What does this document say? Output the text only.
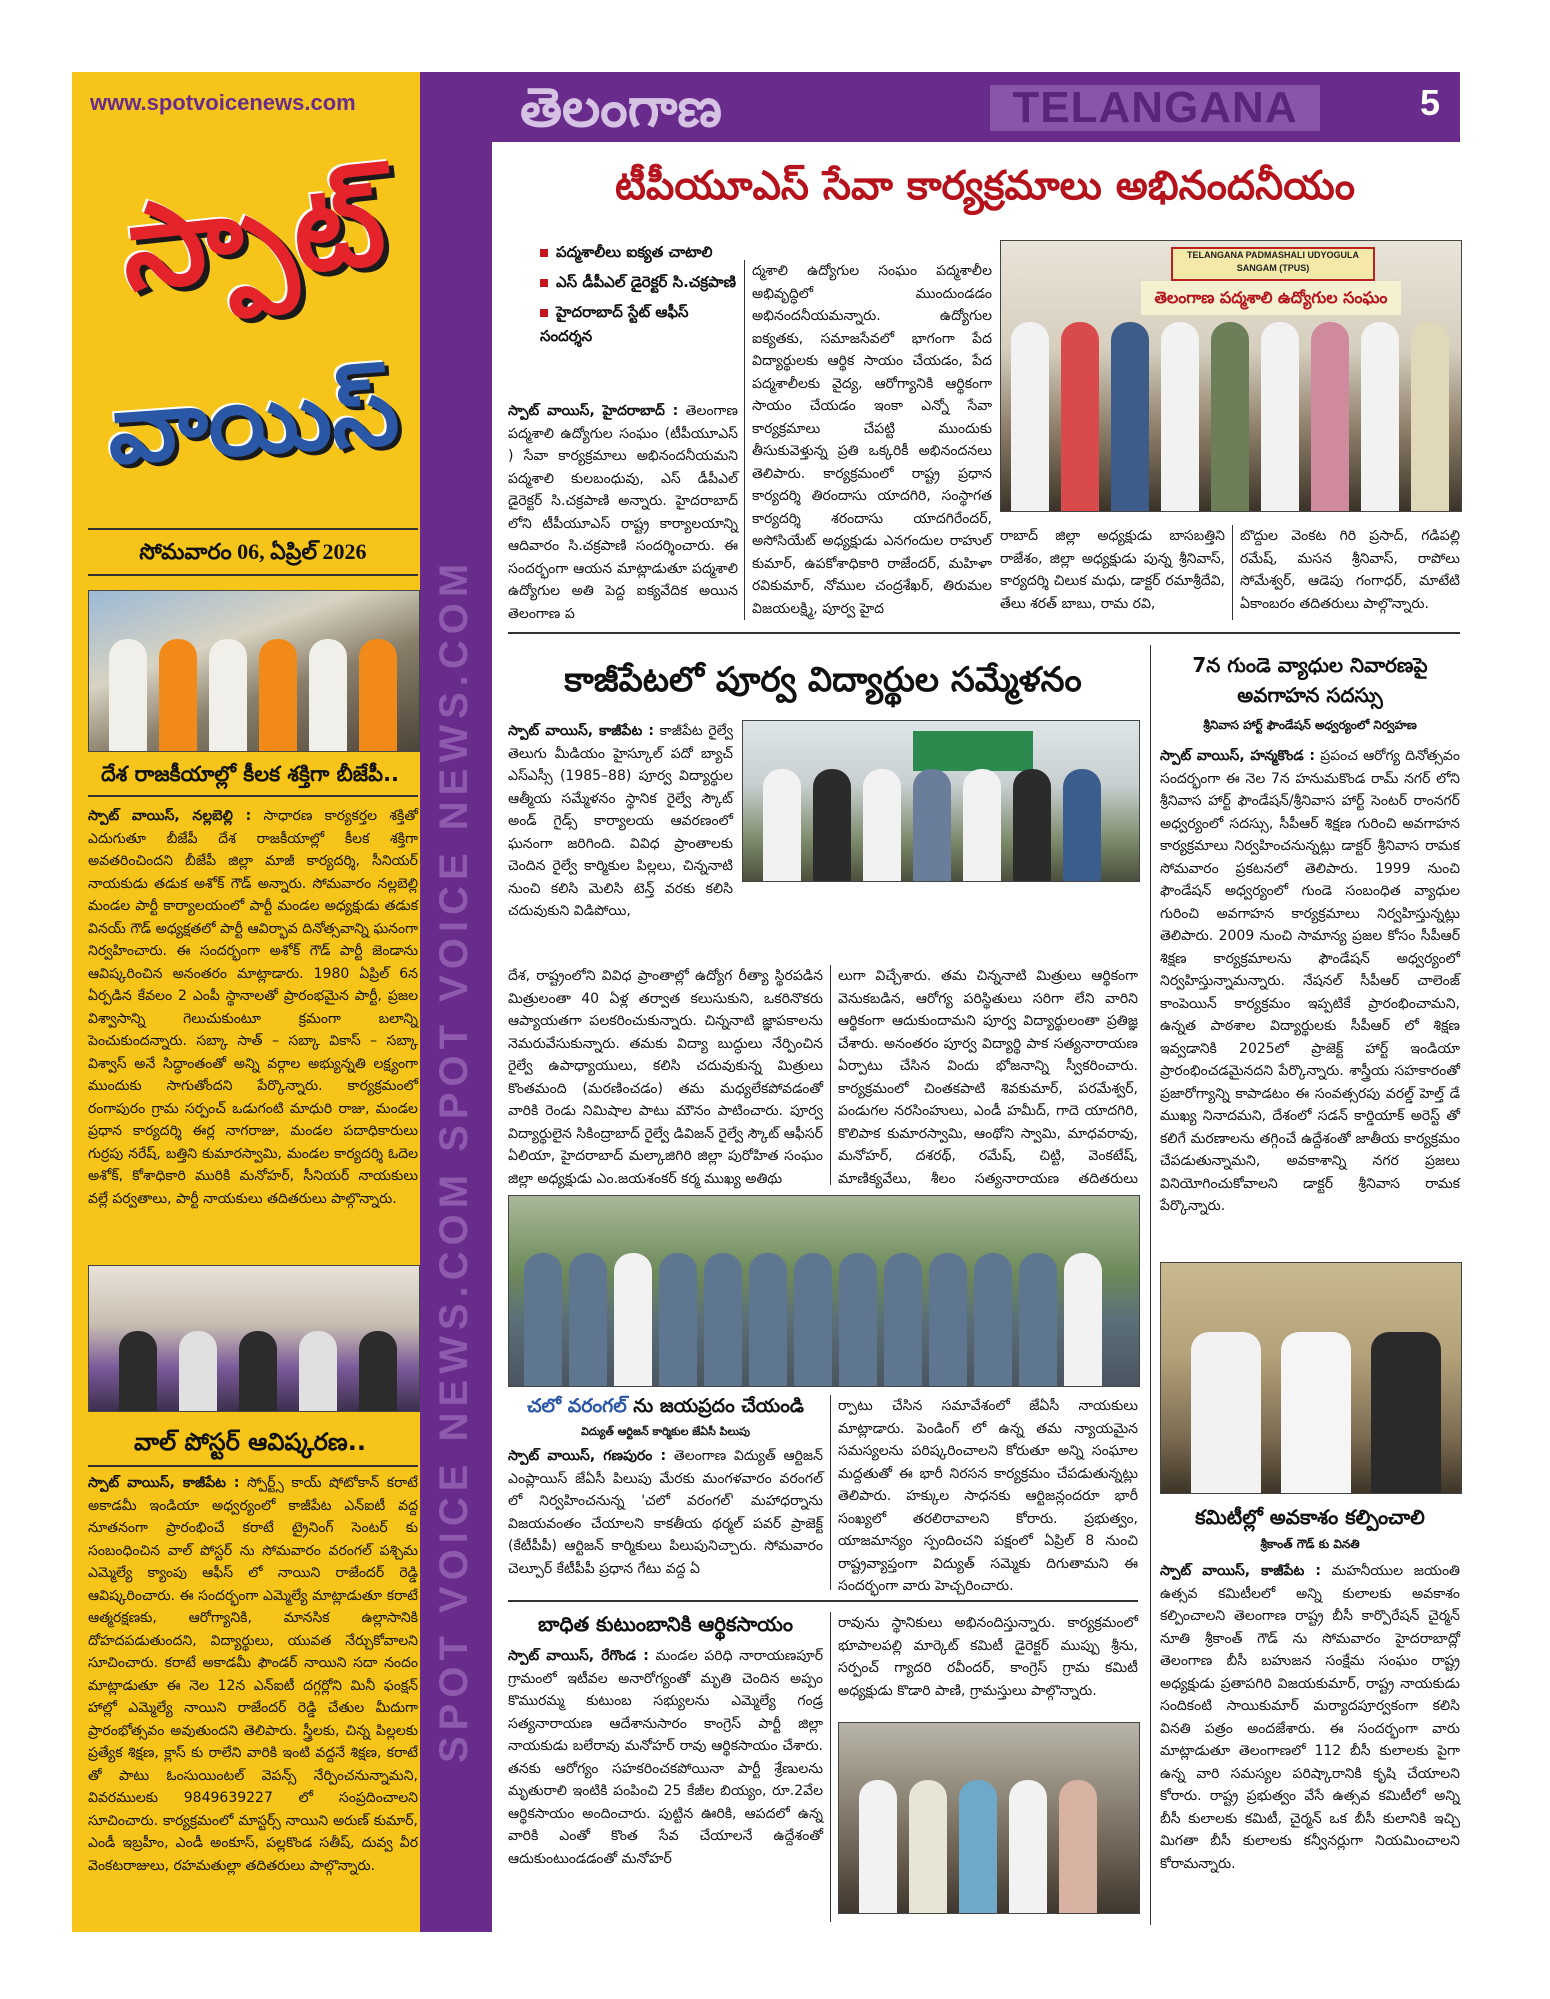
SPOT VOICE NEWS.COM SPOT VOICE NEWS.COM
www.spotvoicenews.com
స్పాట్
వాయిస్
సోమవారం 06, ఏప్రిల్ 2026
తెలంగాణ	TELANGANA	5
దేశ రాజకీయాల్లో కీలక శక్తిగా బీజేపీ..
స్పాట్ వాయిస్, నల్లబెల్లి : సాధారణ కార్యకర్తల శక్తితో ఎదుగుతూ బీజేపీ దేశ రాజకీయాల్లో కీలక శక్తిగా అవతరించిందని బీజేపీ జిల్లా మాజీ కార్యదర్శి, సీనియర్ నాయకుడు తడుక అశోక్ గౌడ్ అన్నారు. సోమవారం నల్లబెల్లి మండల పార్టీ కార్యాలయంలో పార్టీ మండల అధ్యక్షుడు తడుక వినయ్ గౌడ్ అధ్యక్షతలో పార్టీ ఆవిర్భావ దినోత్సవాన్ని ఘనంగా నిర్వహించారు. ఈ సందర్భంగా అశోక్ గౌడ్ పార్టీ జెండాను ఆవిష్కరించిన అనంతరం మాట్లాడారు. 1980 ఏప్రిల్ 6న ఏర్పడిన కేవలం 2 ఎంపీ స్థానాలతో ప్రారంభమైన పార్టీ, ప్రజల విశ్వాసాన్ని గెలుచుకుంటూ క్రమంగా బలాన్ని పెంచుకుందన్నారు. సబ్కా సాత్ – సబ్కా వికాస్ – సబ్కా విశ్వాస్ అనే సిద్ధాంతంతో అన్ని వర్గాల అభ్యున్నతి లక్ష్యంగా ముందుకు సాగుతోందని పేర్కొన్నారు. కార్యక్రమంలో రంగాపురం గ్రామ సర్పంచ్ ఒడుగంటి మాధురి రాజు, మండల ప్రధాన కార్యదర్శి ఈర్ల నాగరాజు, మండల పదాధికారులు గుర్రపు నరేష్, బత్తిని కుమారస్వామి, మండల కార్యదర్శి ఓదెల అశోక్, కోశాధికారి మురికి మనోహర్, సీనియర్ నాయకులు వల్లే పర్వతాలు, పార్టీ నాయకులు తదితరులు పాల్గొన్నారు.
వాల్ పోస్టర్ ఆవిష్కరణ..
స్పాట్ వాయిస్, కాజీపేట : స్పోర్ట్స్ కాయ్ షోటోకాన్ కరాటే అకాడమీ ఇండియా అధ్వర్యంలో కాజీపేట ఎన్ఐటీ వద్ద నూతనంగా ప్రారంభించే కరాటే ట్రైనింగ్ సెంటర్ కు సంబంధించిన వాల్ పోస్టర్ ను సోమవారం వరంగల్ పశ్చిమ ఎమ్మెల్యే క్యాంపు ఆఫీస్ లో నాయిని రాజేందర్ రెడ్డి ఆవిష్కరించారు. ఈ సందర్భంగా ఎమ్మెల్యే మాట్లాడుతూ కరాటే ఆత్మరక్షణకు, ఆరోగ్యానికి, మానసిక ఉల్లాసానికి దోహదపడుతుందని, విద్యార్థులు, యువత నేర్చుకోవాలని సూచించారు. కరాటే అకాడమీ ఫౌండర్ నాయిని సదా నందం మాట్లాడుతూ ఈ నెల 12న ఎన్ఐటీ దగ్గర్లోని మినీ ఫంక్షన్ హాల్లో ఎమ్మెల్యే నాయిని రాజేందర్ రెడ్డి చేతుల మీదుగా ప్రారంభోత్సవం అవుతుందని తెలిపారు. స్త్రీలకు, చిన్న పిల్లలకు ప్రత్యేక శిక్షణ, క్లాస్ కు రాలేని వారికి ఇంటి వద్దనే శిక్షణ, కరాటే తో పాటు ఓంసుయింటల్ వెపన్స్ నేర్పించనున్నామని, వివరములకు 9849639227 లో సంప్రదించాలని సూచించారు. కార్యక్రమంలో మాస్టర్స్ నాయిని అరుణ్ కుమార్, ఎండీ ఇబ్రహీం, ఎండీ అంకూస్, పల్లకొండ సతీష్, దువ్వ వీర వెంకటరాజులు, రహమతుల్లా తదితరులు పాల్గొన్నారు.
టీపీయూఎస్ సేవా కార్యక్రమాలు అభినందనీయం
పద్మశాలీలు ఐక్యత చాటాలి
ఎస్ డీపీఎల్ డైరెక్టర్ సి.చక్రపాణి
హైదరాబాద్ స్టేట్ ఆఫీస్ సందర్శన
స్పాట్ వాయిస్, హైదరాబాద్ : తెలంగాణ పద్మశాలి ఉద్యోగుల సంఘం (టీపీయూఎస్ ) సేవా కార్యక్రమాలు అభినందనీయమని పద్మశాలి కులబంధువు, ఎస్ డీపీఎల్ డైరెక్టర్ సి.చక్రపాణి అన్నారు. హైదరాబాద్ లోని టీపీయూఎస్ రాష్ట్ర కార్యాలయాన్ని ఆదివారం సి.చక్రపాణి సందర్శించారు. ఈ సందర్భంగా ఆయన మాట్లాడుతూ పద్మశాలి ఉద్యోగుల అతి పెద్ద ఐక్యవేదిక అయిన తెలంగాణ ప
ద్మశాలి ఉద్యోగుల సంఘం పద్మశాలీల అభివృద్ధిలో ముందుండడం అభినందనీయమన్నారు. ఉద్యోగుల ఐక్యతకు, సమాజసేవలో భాగంగా పేద విద్యార్థులకు ఆర్థిక సాయం చేయడం, పేద పద్మశాలీలకు వైద్య, ఆరోగ్యానికి ఆర్థికంగా సాయం చేయడం ఇంకా ఎన్నో సేవా కార్యక్రమాలు చేపట్టి ముందుకు తీసుకువెళ్తున్న ప్రతి ఒక్కరికీ అభినందనలు తెలిపారు. కార్యక్రమంలో రాష్ట్ర ప్రధాన కార్యదర్శి తిరందాసు యాదగిరి, సంస్థాగత కార్యదర్శి శరందాసు యాదగిరేందర్, అసోసియేట్ అధ్యక్షుడు ఎనగందుల రాహుల్ కుమార్, ఉపకోశాధికారి రాజేందర్, మహిళా రవికుమార్, నోముల చంద్రశేఖర్, తిరుమల విజయలక్ష్మి, పూర్వ హైద
TELANGANA PADMASHALI UDYOGULA SANGAM (TPUS)
తెలంగాణ పద్మశాలి ఉద్యోగుల సంఘం
రాబాద్ జిల్లా అధ్యక్షుడు బాసబత్తిని రాజేశం, జిల్లా అధ్యక్షుడు పున్న శ్రీనివాస్, కార్యదర్శి చిలుక మధు, డాక్టర్ రమాశ్రీదేవి, తేలు శరత్ బాబు, రామ రవి,
బొద్దుల వెంకట గిరి ప్రసాద్, గడిపల్లి రమేష్, మసన శ్రీనివాస్, రాపోలు సోమేశ్వర్, ఆడెపు గంగాధర్, మాటేటి ఏకాంబరం తదితరులు పాల్గొన్నారు.
కాజీపేటలో పూర్వ విద్యార్థుల సమ్మేళనం
స్పాట్ వాయిస్, కాజీపేట : కాజీపేట రైల్వే తెలుగు మీడియం హైస్కూల్ పదో బ్యాచ్ ఎస్ఎస్సీ (1985–88) పూర్వ విద్యార్థుల ఆత్మీయ సమ్మేళనం స్థానిక రైల్వే స్కౌట్ అండ్ గైడ్స్ కార్యాలయ ఆవరణంలో ఘనంగా జరిగింది. వివిధ ప్రాంతాలకు చెందిన రైల్వే కార్మికుల పిల్లలు, చిన్ననాటి నుంచి కలిసి మెలిసి టెన్త్ వరకు కలిసి చదువుకుని విడిపోయి,
దేశ, రాష్ట్రంలోని వివిధ ప్రాంతాల్లో ఉద్యోగ రీత్యా స్థిరపడిన మిత్రులంతా 40 ఏళ్ల తర్వాత కలుసుకుని, ఒకరినొకరు ఆప్యాయతగా పలకరించుకున్నారు. చిన్ననాటి జ్ఞాపకాలను నెమరువేసుకున్నారు. తమకు విద్యా బుద్ధులు నేర్పించిన రైల్వే ఉపాధ్యాయులు, కలిసి చదువుకున్న మిత్రులు కొంతమంది (మరణించడం) తమ మధ్యలేకపోవడంతో వారికి రెండు నిమిషాల పాటు మౌనం పాటించారు. పూర్వ విద్యార్థులైన సికింద్రాబాద్ రైల్వే డివిజన్ రైల్వే స్కౌట్ ఆఫీసర్ ఏలియా, హైదరాబాద్ మల్కాజిగిరి జిల్లా పురోహిత సంఘం జిల్లా అధ్యక్షుడు ఎం.జయశంకర్ కర్మ ముఖ్య అతిథు
లుగా విచ్చేశారు. తమ చిన్ననాటి మిత్రులు ఆర్థికంగా వెనుకబడిన, ఆరోగ్య పరిస్థితులు సరిగా లేని వారిని ఆర్థికంగా ఆదుకుందామని పూర్వ విద్యార్థులంతా ప్రతిజ్ఞ చేశారు. అనంతరం పూర్వ విద్యార్థి పాక సత్యనారాయణ ఏర్పాటు చేసిన విందు భోజనాన్ని స్వీకరించారు. కార్యక్రమంలో చింతకపాటి శివకుమార్, పరమేశ్వర్, పండుగల నరసింహులు, ఎండీ హమీద్, గాదె యాదగిరి, కొలిపాక కుమారస్వామి, ఆంథోని స్వామి, మాధవరావు, మనోహర్, దశరథ్, రమేష్, చిట్టి, వెంకటేష్, మాణిక్యవేలు, శీలం సత్యనారాయణ తదితరులు
7న గుండె వ్యాధుల నివారణపై అవగాహన సదస్సు
శ్రీనివాస హార్ట్ ఫౌండేషన్ అధ్వర్యంలో నిర్వహణ
స్పాట్ వాయిస్, హన్మకొండ : ప్రపంచ ఆరోగ్య దినోత్సవం సందర్భంగా ఈ నెల 7న హనుమకొండ రామ్ నగర్ లోని శ్రీనివాస హార్ట్ ఫౌండేషన్/శ్రీనివాస హార్ట్ సెంటర్ రాంనగర్ అధ్వర్యంలో సదస్సు, సీపీఆర్ శిక్షణ గురించి అవగాహన కార్యక్రమాలు నిర్వహించనున్నట్లు డాక్టర్ శ్రీనివాస రామక సోమవారం ప్రకటనలో తెలిపారు. 1999 నుంచి ఫౌండేషన్ అధ్వర్యంలో గుండె సంబంధిత వ్యాధుల గురించి అవగాహన కార్యక్రమాలు నిర్వహిస్తున్నట్లు తెలిపారు. 2009 నుంచి సామాన్య ప్రజల కోసం సీపీఆర్ శిక్షణ కార్యక్రమాలను ఫౌండేషన్ అధ్వర్యంలో నిర్వహిస్తున్నామన్నారు. నేషనల్ సీపీఆర్ చాలెంజ్ కాంపెయిన్ కార్యక్రమం ఇప్పటికే ప్రారంభించామని, ఉన్నత పాఠశాల విద్యార్థులకు సీపీఆర్ లో శిక్షణ ఇవ్వడానికి 2025లో ప్రాజెక్ట్ హార్ట్ ఇండియా ప్రారంభించడమైనదని పేర్కొన్నారు. శాస్త్రీయ సహకారంతో ప్రజారోగ్యాన్ని కాపాడటం ఈ సంవత్సరపు వరల్డ్ హెల్త్ డే ముఖ్య నినాదమని, దేశంలో సడన్ కార్డియాక్ అరెస్ట్ తో కలిగే మరణాలను తగ్గించే ఉద్దేశంతో జాతీయ కార్యక్రమం చేపడుతున్నామని, అవకాశాన్ని నగర ప్రజలు వినియోగించుకోవాలని డాక్టర్ శ్రీనివాస రామక పేర్కొన్నారు.
చలో వరంగల్ ను జయప్రదం చేయండి
విద్యుత్ ఆర్టిజన్ కార్మికుల జేఏసీ పిలుపు
స్పాట్ వాయిస్, గణపురం : తెలంగాణ విద్యుత్ ఆర్టిజన్ ఎంప్లాయిస్ జేఏసీ పిలుపు మేరకు మంగళవారం వరంగల్ లో నిర్వహించనున్న 'చలో వరంగల్' మహాధర్నాను విజయవంతం చేయాలని కాకతీయ థర్మల్ పవర్ ప్రాజెక్ట్ (కేటీపీపీ) ఆర్టిజన్ కార్మికులు పిలుపునిచ్చారు. సోమవారం చెల్పూర్ కేటీపీపీ ప్రధాన గేటు వద్ద ఏ
ర్పాటు చేసిన సమావేశంలో జేఏసీ నాయకులు మాట్లాడారు. పెండింగ్ లో ఉన్న తమ న్యాయమైన సమస్యలను పరిష్కరించాలని కోరుతూ అన్ని సంఘాల మద్దతుతో ఈ భారీ నిరసన కార్యక్రమం చేపడుతున్నట్లు తెలిపారు. హక్కుల సాధనకు ఆర్టిజన్లందరూ భారీ సంఖ్యలో తరలిరావాలని కోరారు. ప్రభుత్వం, యాజమాన్యం స్పందించని పక్షంలో ఏప్రిల్ 8 నుంచి రాష్ట్రవ్యాప్తంగా విద్యుత్ సమ్మెకు దిగుతామని ఈ సందర్భంగా వారు హెచ్చరించారు.
బాధిత కుటుంబానికి ఆర్థికసాయం
స్పాట్ వాయిస్, రేగొండ : మండల పరిధి నారాయణపూర్ గ్రామంలో ఇటీవల అనారోగ్యంతో మృతి చెందిన అప్పం కొమురమ్మ కుటుంబ సభ్యులను ఎమ్మెల్యే గండ్ర సత్యనారాయణ ఆదేశానుసారం కాంగ్రెస్ పార్టీ జిల్లా నాయకుడు బలేరావు మనోహర్ రావు ఆర్థికసాయం చేశారు. తనకు ఆరోగ్యం సహకరించకపోయినా పార్టీ శ్రేణులను మృతురాలి ఇంటికి పంపించి 25 కేజీల బియ్యం, రూ.2వేల ఆర్థికసాయం అందించారు. పుట్టిన ఊరికి, ఆపదలో ఉన్న వారికి ఎంతో కొంత సేవ చేయాలనే ఉద్దేశంతో ఆదుకుంటుండడంతో మనోహర్
రావును స్థానికులు అభినందిస్తున్నారు. కార్యక్రమంలో భూపాలపల్లి మార్కెట్ కమిటీ డైరెక్టర్ ముప్పు శ్రీను, సర్పంచ్ గ్యాదరి రవీందర్, కాంగ్రెస్ గ్రామ కమిటీ అధ్యక్షుడు కొడారి పాణి, గ్రామస్తులు పాల్గొన్నారు.
కమిటీల్లో అవకాశం కల్పించాలి
శ్రీకాంత్ గౌడ్ కు వినతి
స్పాట్ వాయిస్, కాజీపేట : మహనీయుల జయంతి ఉత్సవ కమిటీలలో అన్ని కులాలకు అవకాశం కల్పించాలని తెలంగాణ రాష్ట్ర బీసీ కార్పొరేషన్ చైర్మన్ నూతి శ్రీకాంత్ గౌడ్ ను సోమవారం హైదరాబాద్లో తెలంగాణ బీసీ బహుజన సంక్షేమ సంఘం రాష్ట్ర అధ్యక్షుడు ప్రతాపగిరి విజయకుమార్, రాష్ట్ర నాయకుడు సందికంటి సాయికుమార్ మర్యాదపూర్వకంగా కలిసి వినతి పత్రం అందజేశారు. ఈ సందర్భంగా వారు మాట్లాడుతూ తెలంగాణలో 112 బీసీ కులాలకు పైగా ఉన్న వారి సమస్యల పరిష్కారానికి కృషి చేయాలని కోరారు. రాష్ట్ర ప్రభుత్వం వేసే ఉత్సవ కమిటీలో అన్ని బీసీ కులాలకు కమిటీ, చైర్మన్ ఒక బీసీ కులానికి ఇచ్చి మిగతా బీసీ కులాలకు కన్వీనర్లుగా నియమించాలని కోరామన్నారు.
